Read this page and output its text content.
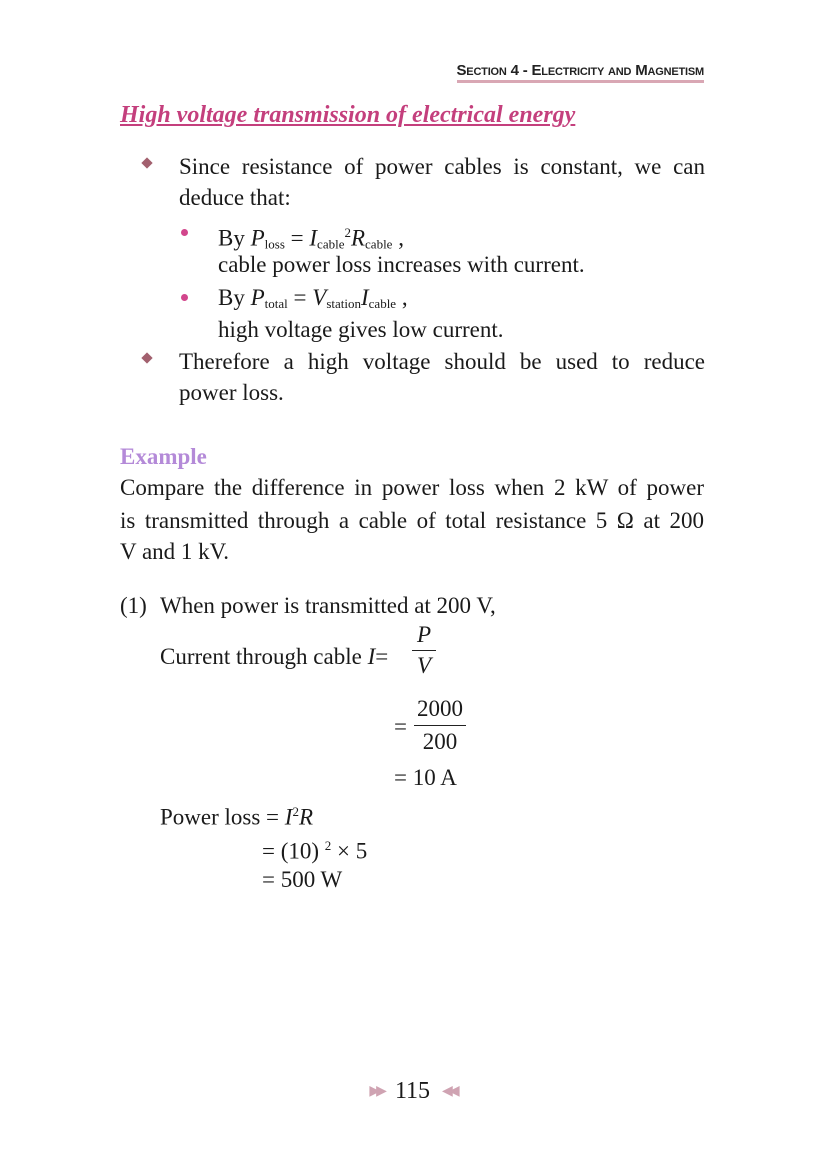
Section 4 - Electricity and Magnetism
High voltage transmission of electrical energy
Since resistance of power cables is constant, we can
deduce that:
By $P_{loss} = I_{cable}^2R_{cable}$ ,
cable power loss increases with current.
By $P_{total} = V_{station}I_{cable}$ ,
high voltage gives low current.
Therefore a high voltage should be used to reduce
power loss.
Example
Compare the difference in power loss when 2 kW of power
is transmitted through a cable of total resistance 5 Ω at 200
V and 1 kV.
(1) When power is transmitted at 200 V,
Current through cable I=
P
V
=
2000
200
= 10 A
Power loss = $I^2R$
= (10) $^2$ × 5
= 500 W
▶▶ 115 ◀◀
